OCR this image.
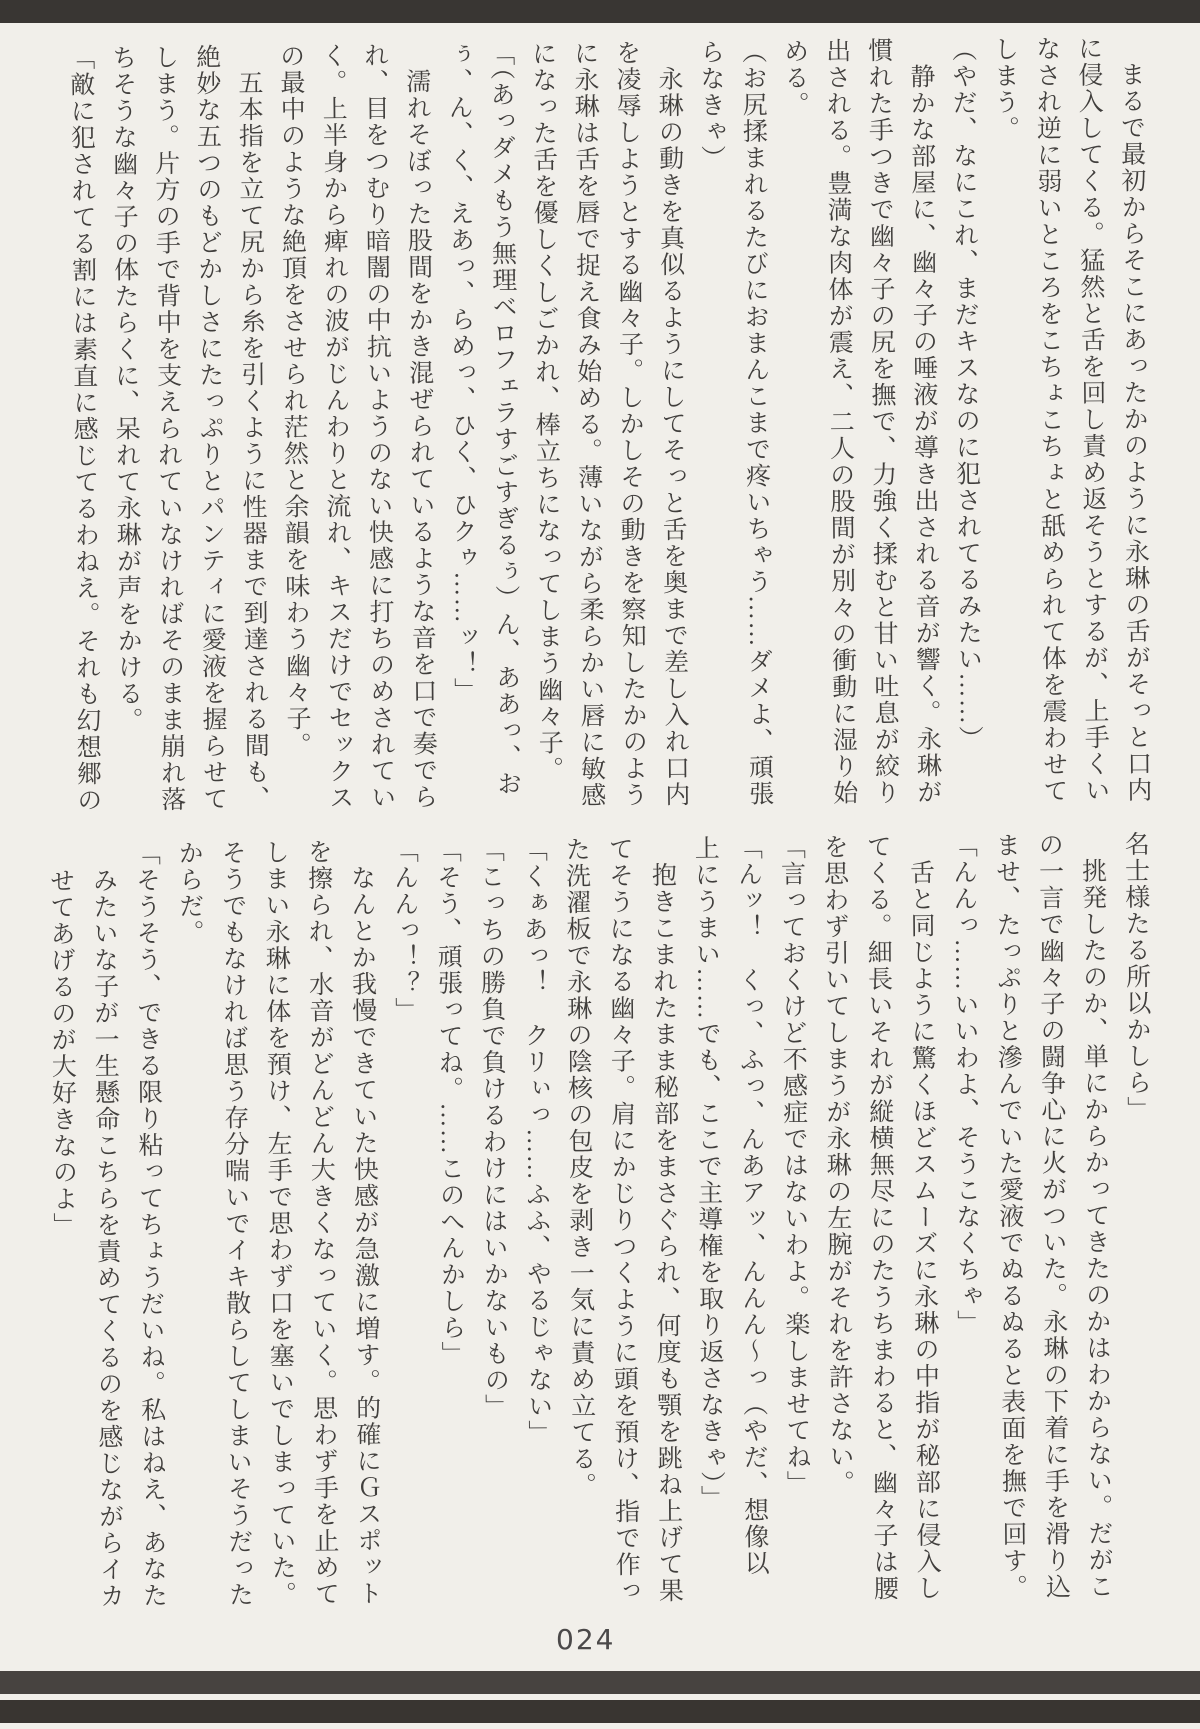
　まるで最初からそこにあったかのように永琳の舌がそっと口内
に侵入してくる。猛然と舌を回し責め返そうとするが、上手くい
なされ逆に弱いところをこちょこちょと舐められて体を震わせて
しまう。
（やだ、なにこれ、まだキスなのに犯されてるみたい……）
　静かな部屋に、幽々子の唾液が導き出される音が響く。永琳が
慣れた手つきで幽々子の尻を撫で、力強く揉むと甘い吐息が絞り
出される。豊満な肉体が震え、二人の股間が別々の衝動に湿り始
める。
（お尻揉まれるたびにおまんこまで疼いちゃう……ダメよ、頑張
らなきゃ）
　永琳の動きを真似るようにしてそっと舌を奥まで差し入れ口内
を凌辱しようとする幽々子。しかしその動きを察知したかのよう
に永琳は舌を唇で捉え食み始める。薄いながら柔らかい唇に敏感
になった舌を優しくしごかれ、棒立ちになってしまう幽々子。
「（あっダメもう無理ベロフェラすごすぎるぅ）ん、ああっ、お
ぅ、ん、く、えあっ、らめっ、ひく、ひクゥ……ッ！」
　濡れそぼった股間をかき混ぜられているような音を口で奏でら
れ、目をつむり暗闇の中抗いようのない快感に打ちのめされてい
く。上半身から痺れの波がじんわりと流れ、キスだけでセックス
の最中のような絶頂をさせられ茫然と余韻を味わう幽々子。
　五本指を立て尻から糸を引くように性器まで到達される間も、
絶妙な五つのもどかしさにたっぷりとパンティに愛液を握らせて
しまう。片方の手で背中を支えられていなければそのまま崩れ落
ちそうな幽々子の体たらくに、呆れて永琳が声をかける。
「敵に犯されてる割には素直に感じてるわねえ。それも幻想郷の
名士様たる所以かしら」
　挑発したのか、単にからかってきたのかはわからない。だがこ
の一言で幽々子の闘争心に火がついた。永琳の下着に手を滑り込
ませ、たっぷりと滲んでいた愛液でぬるぬると表面を撫で回す。
「んんっ……いいわよ、そうこなくちゃ」
　舌と同じように驚くほどスムーズに永琳の中指が秘部に侵入し
てくる。細長いそれが縦横無尽にのたうちまわると、幽々子は腰
を思わず引いてしまうが永琳の左腕がそれを許さない。
「言っておくけど不感症ではないわよ。楽しませてね」
「んッ！　くっ、ふっ、んあアッ、んんん〜っ（やだ、想像以
上にうまい……でも、ここで主導権を取り返さなきゃ）」
　抱きこまれたまま秘部をまさぐられ、何度も顎を跳ね上げて果
てそうになる幽々子。肩にかじりつくように頭を預け、指で作っ
た洗濯板で永琳の陰核の包皮を剥き一気に責め立てる。
「くぁあっ！　クリぃっ……ふふ、やるじゃない」
「こっちの勝負で負けるわけにはいかないもの」
「そう、頑張ってね。……このへんかしら」
「んんっ！？」
　なんとか我慢できていた快感が急激に増す。的確にＧスポット
を擦られ、水音がどんどん大きくなっていく。思わず手を止めて
しまい永琳に体を預け、左手で思わず口を塞いでしまっていた。
そうでもなければ思う存分喘いでイキ散らしてしまいそうだった
からだ。
「そうそう、できる限り粘ってちょうだいね。私はねえ、あなた
　みたいな子が一生懸命こちらを責めてくるのを感じながらイカ
　せてあげるのが大好きなのよ」
024
